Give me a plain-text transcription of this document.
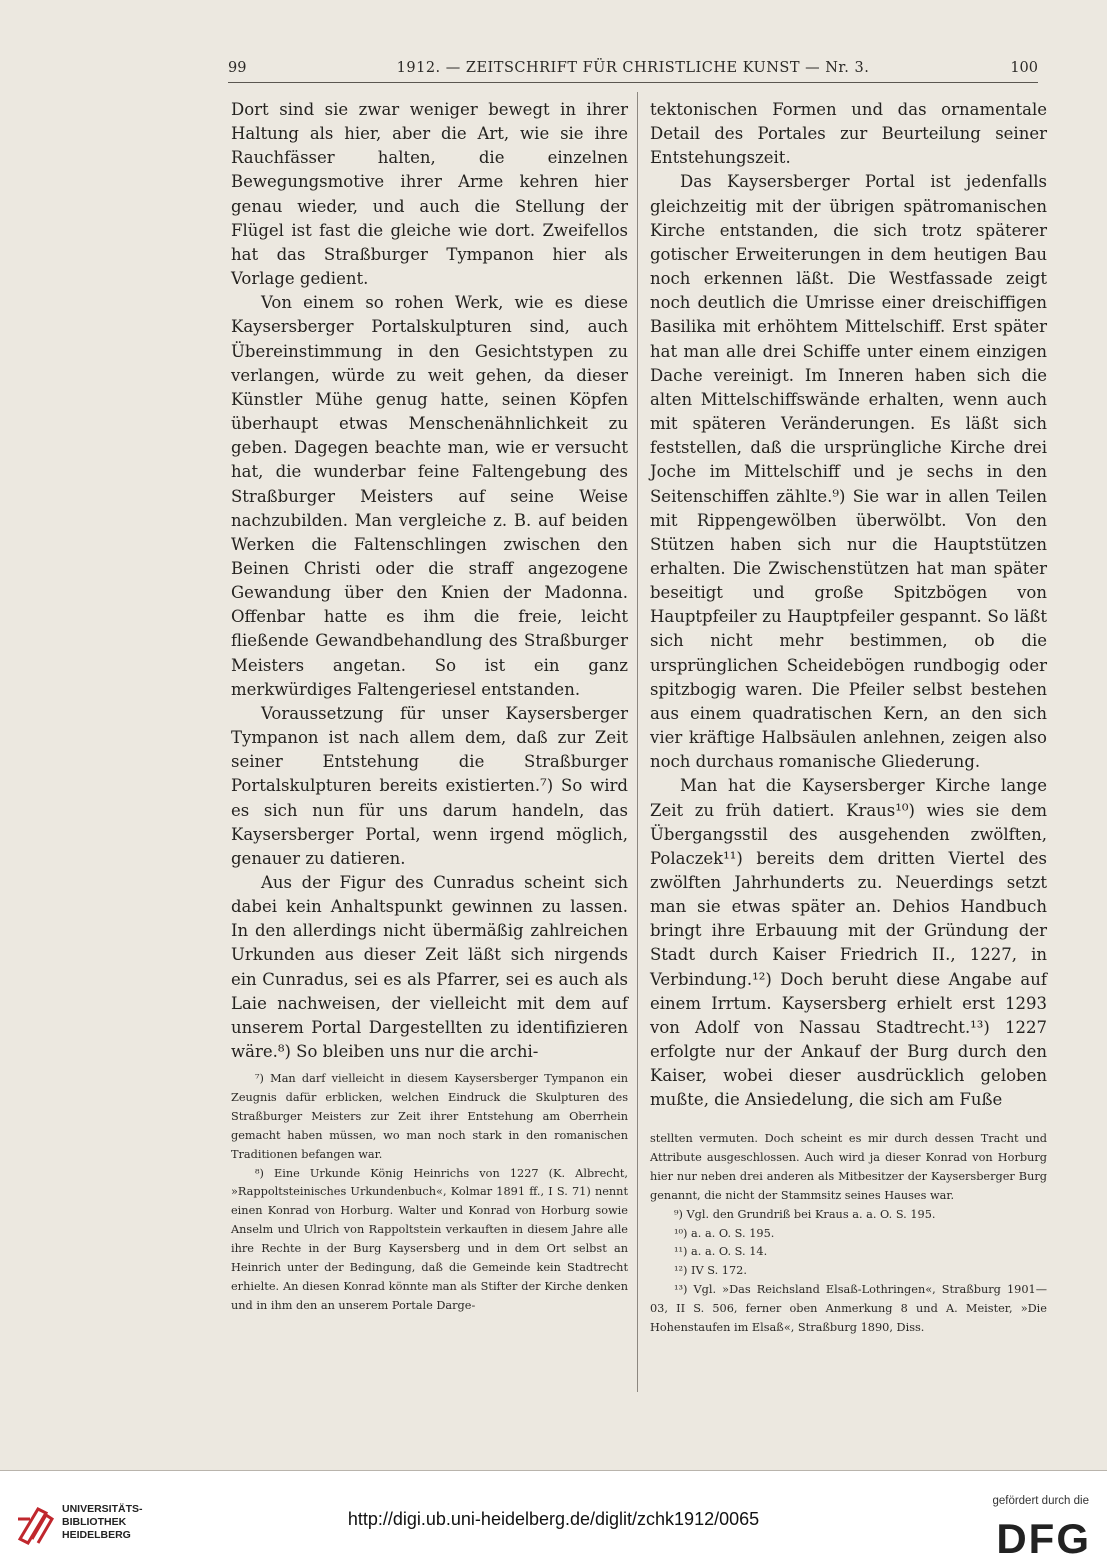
99	1912. — ZEITSCHRIFT FÜR CHRISTLICHE KUNST — Nr. 3.	100

Dort sind sie zwar weniger bewegt in ihrer Haltung als hier, aber die Art, wie sie ihre Rauchfässer halten, die einzelnen Bewegungsmotive ihrer Arme kehren hier genau wieder, und auch die Stellung der Flügel ist fast die gleiche wie dort. Zweifellos hat das Straßburger Tympanon hier als Vorlage gedient.

Von einem so rohen Werk, wie es diese Kaysersberger Portalskulpturen sind, auch Übereinstimmung in den Gesichtstypen zu verlangen, würde zu weit gehen, da dieser Künstler Mühe genug hatte, seinen Köpfen überhaupt etwas Menschenähnlichkeit zu geben. Dagegen beachte man, wie er versucht hat, die wunderbar feine Faltengebung des Straßburger Meisters auf seine Weise nachzubilden. Man vergleiche z. B. auf beiden Werken die Faltenschlingen zwischen den Beinen Christi oder die straff angezogene Gewandung über den Knien der Madonna. Offenbar hatte es ihm die freie, leicht fließende Gewandbehandlung des Straßburger Meisters angetan. So ist ein ganz merkwürdiges Faltengeriesel entstanden.

Voraussetzung für unser Kaysersberger Tympanon ist nach allem dem, daß zur Zeit seiner Entstehung die Straßburger Portalskulpturen bereits existierten.⁷) So wird es sich nun für uns darum handeln, das Kaysersberger Portal, wenn irgend möglich, genauer zu datieren.

Aus der Figur des Cunradus scheint sich dabei kein Anhaltspunkt gewinnen zu lassen. In den allerdings nicht übermäßig zahlreichen Urkunden aus dieser Zeit läßt sich nirgends ein Cunradus, sei es als Pfarrer, sei es auch als Laie nachweisen, der vielleicht mit dem auf unserem Portal Dargestellten zu identifizieren wäre.⁸) So bleiben uns nur die archi-

⁷) Man darf vielleicht in diesem Kaysersberger Tympanon ein Zeugnis dafür erblicken, welchen Eindruck die Skulpturen des Straßburger Meisters zur Zeit ihrer Entstehung am Oberrhein gemacht haben müssen, wo man noch stark in den romanischen Traditionen befangen war.

⁸) Eine Urkunde König Heinrichs von 1227 (K. Albrecht, »Rappoltsteinisches Urkundenbuch«, Kolmar 1891 ff., I S. 71) nennt einen Konrad von Horburg. Walter und Konrad von Horburg sowie Anselm und Ulrich von Rappoltstein verkauften in diesem Jahre alle ihre Rechte in der Burg Kaysersberg und in dem Ort selbst an Heinrich unter der Bedingung, daß die Gemeinde kein Stadtrecht erhielte. An diesen Konrad könnte man als Stifter der Kirche denken und in ihm den an unserem Portale Darge-

tektonischen Formen und das ornamentale Detail des Portales zur Beurteilung seiner Entstehungszeit.

Das Kaysersberger Portal ist jedenfalls gleichzeitig mit der übrigen spätromanischen Kirche entstanden, die sich trotz späterer gotischer Erweiterungen in dem heutigen Bau noch erkennen läßt. Die Westfassade zeigt noch deutlich die Umrisse einer dreischiffigen Basilika mit erhöhtem Mittelschiff. Erst später hat man alle drei Schiffe unter einem einzigen Dache vereinigt. Im Inneren haben sich die alten Mittelschiffswände erhalten, wenn auch mit späteren Veränderungen. Es läßt sich feststellen, daß die ursprüngliche Kirche drei Joche im Mittelschiff und je sechs in den Seitenschiffen zählte.⁹) Sie war in allen Teilen mit Rippengewölben überwölbt. Von den Stützen haben sich nur die Hauptstützen erhalten. Die Zwischenstützen hat man später beseitigt und große Spitzbögen von Hauptpfeiler zu Hauptpfeiler gespannt. So läßt sich nicht mehr bestimmen, ob die ursprünglichen Scheidebögen rundbogig oder spitzbogig waren. Die Pfeiler selbst bestehen aus einem quadratischen Kern, an den sich vier kräftige Halbsäulen anlehnen, zeigen also noch durchaus romanische Gliederung.

Man hat die Kaysersberger Kirche lange Zeit zu früh datiert. Kraus¹⁰) wies sie dem Übergangsstil des ausgehenden zwölften, Polaczek¹¹) bereits dem dritten Viertel des zwölften Jahrhunderts zu. Neuerdings setzt man sie etwas später an. Dehios Handbuch bringt ihre Erbauung mit der Gründung der Stadt durch Kaiser Friedrich II., 1227, in Verbindung.¹²) Doch beruht diese Angabe auf einem Irrtum. Kaysersberg erhielt erst 1293 von Adolf von Nassau Stadtrecht.¹³) 1227 erfolgte nur der Ankauf der Burg durch den Kaiser, wobei dieser ausdrücklich geloben mußte, die Ansiedelung, die sich am Fuße

stellten vermuten. Doch scheint es mir durch dessen Tracht und Attribute ausgeschlossen. Auch wird ja dieser Konrad von Horburg hier nur neben drei anderen als Mitbesitzer der Kaysersberger Burg genannt, die nicht der Stammsitz seines Hauses war.

⁹) Vgl. den Grundriß bei Kraus a. a. O. S. 195.

¹⁰) a. a. O. S. 195.

¹¹) a. a. O. S. 14.

¹²) IV S. 172.

¹³) Vgl. »Das Reichsland Elsaß-Lothringen«, Straßburg 1901—03, II S. 506, ferner oben Anmerkung 8 und A. Meister, »Die Hohenstaufen im Elsaß«, Straßburg 1890, Diss.

UNIVERSITÄTS-
BIBLIOTHEK
HEIDELBERG
http://digi.ub.uni-heidelberg.de/diglit/zchk1912/0065
gefördert durch die
DFG
